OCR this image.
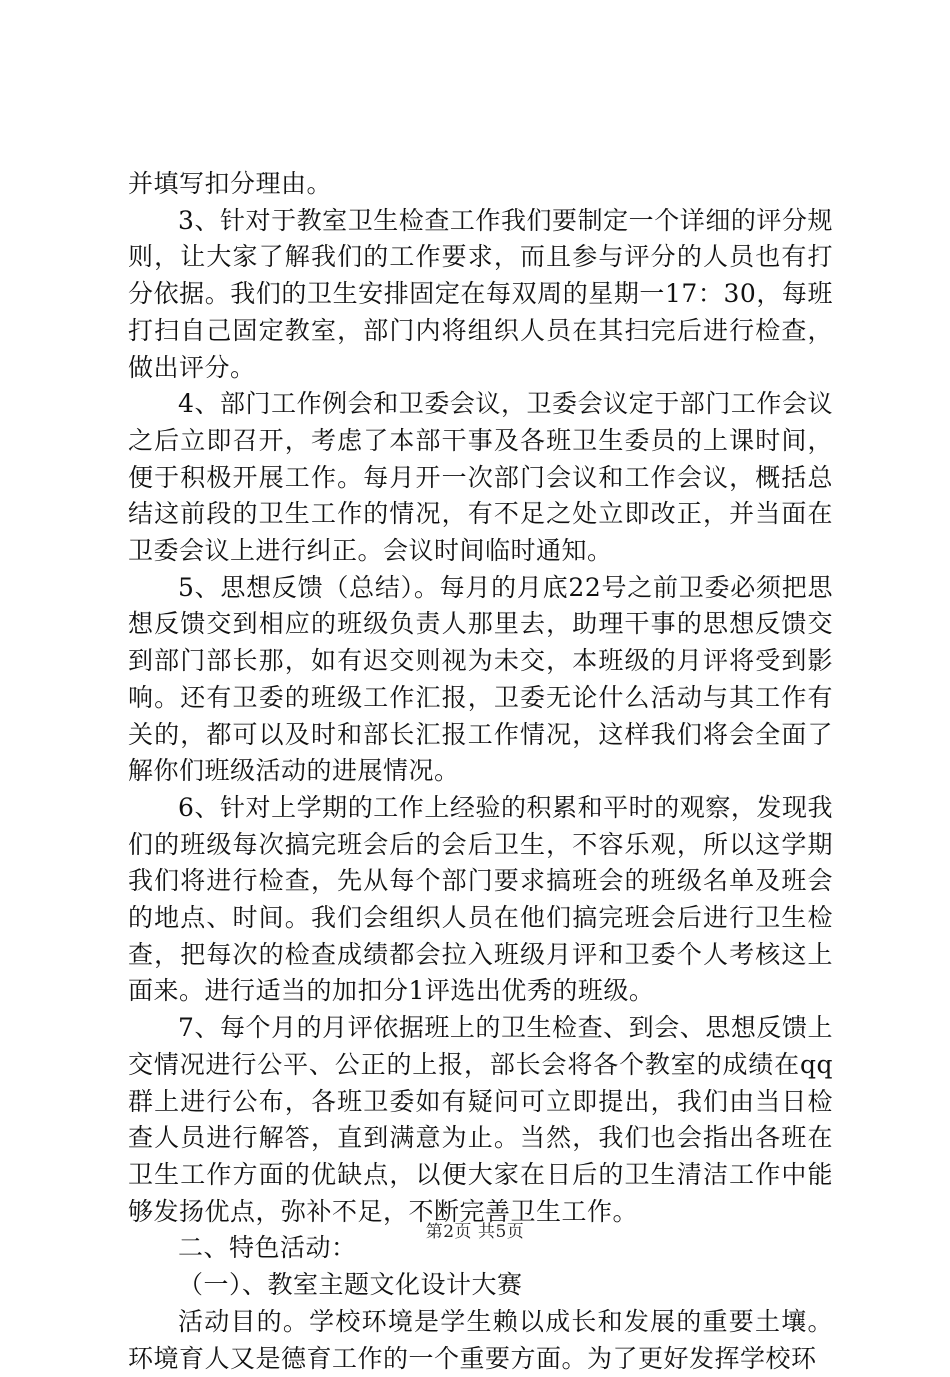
并填写扣分理由。

3、针对于教室卫生检查工作我们要制定一个详细的评分规则，让大家了解我们的工作要求，而且参与评分的人员也有打分依据。我们的卫生安排固定在每双周的星期一17：30，每班打扫自己固定教室，部门内将组织人员在其扫完后进行检查，做出评分。

4、部门工作例会和卫委会议，卫委会议定于部门工作会议之后立即召开，考虑了本部干事及各班卫生委员的上课时间，便于积极开展工作。每月开一次部门会议和工作会议，概括总结这前段的卫生工作的情况，有不足之处立即改正，并当面在卫委会议上进行纠正。会议时间临时通知。

5、思想反馈（总结）。每月的月底22号之前卫委必须把思想反馈交到相应的班级负责人那里去，助理干事的思想反馈交到部门部长那，如有迟交则视为未交，本班级的月评将受到影响。还有卫委的班级工作汇报，卫委无论什么活动与其工作有关的，都可以及时和部长汇报工作情况，这样我们将会全面了解你们班级活动的进展情况。

6、针对上学期的工作上经验的积累和平时的观察，发现我们的班级每次搞完班会后的会后卫生，不容乐观，所以这学期我们将进行检查，先从每个部门要求搞班会的班级名单及班会的地点、时间。我们会组织人员在他们搞完班会后进行卫生检查，把每次的检查成绩都会拉入班级月评和卫委个人考核这上面来。进行适当的加扣分1评选出优秀的班级。

7、每个月的月评依据班上的卫生检查、到会、思想反馈上交情况进行公平、公正的上报，部长会将各个教室的成绩在qq群上进行公布，各班卫委如有疑问可立即提出，我们由当日检查人员进行解答，直到满意为止。当然，我们也会指出各班在卫生工作方面的优缺点，以便大家在日后的卫生清洁工作中能够发扬优点，弥补不足，不断完善卫生工作。

二、特色活动：

（一）、教室主题文化设计大赛

活动目的。学校环境是学生赖以成长和发展的重要土壤。环境育人又是德育工作的一个重要方面。为了更好发挥学校环

第2页 共5页
